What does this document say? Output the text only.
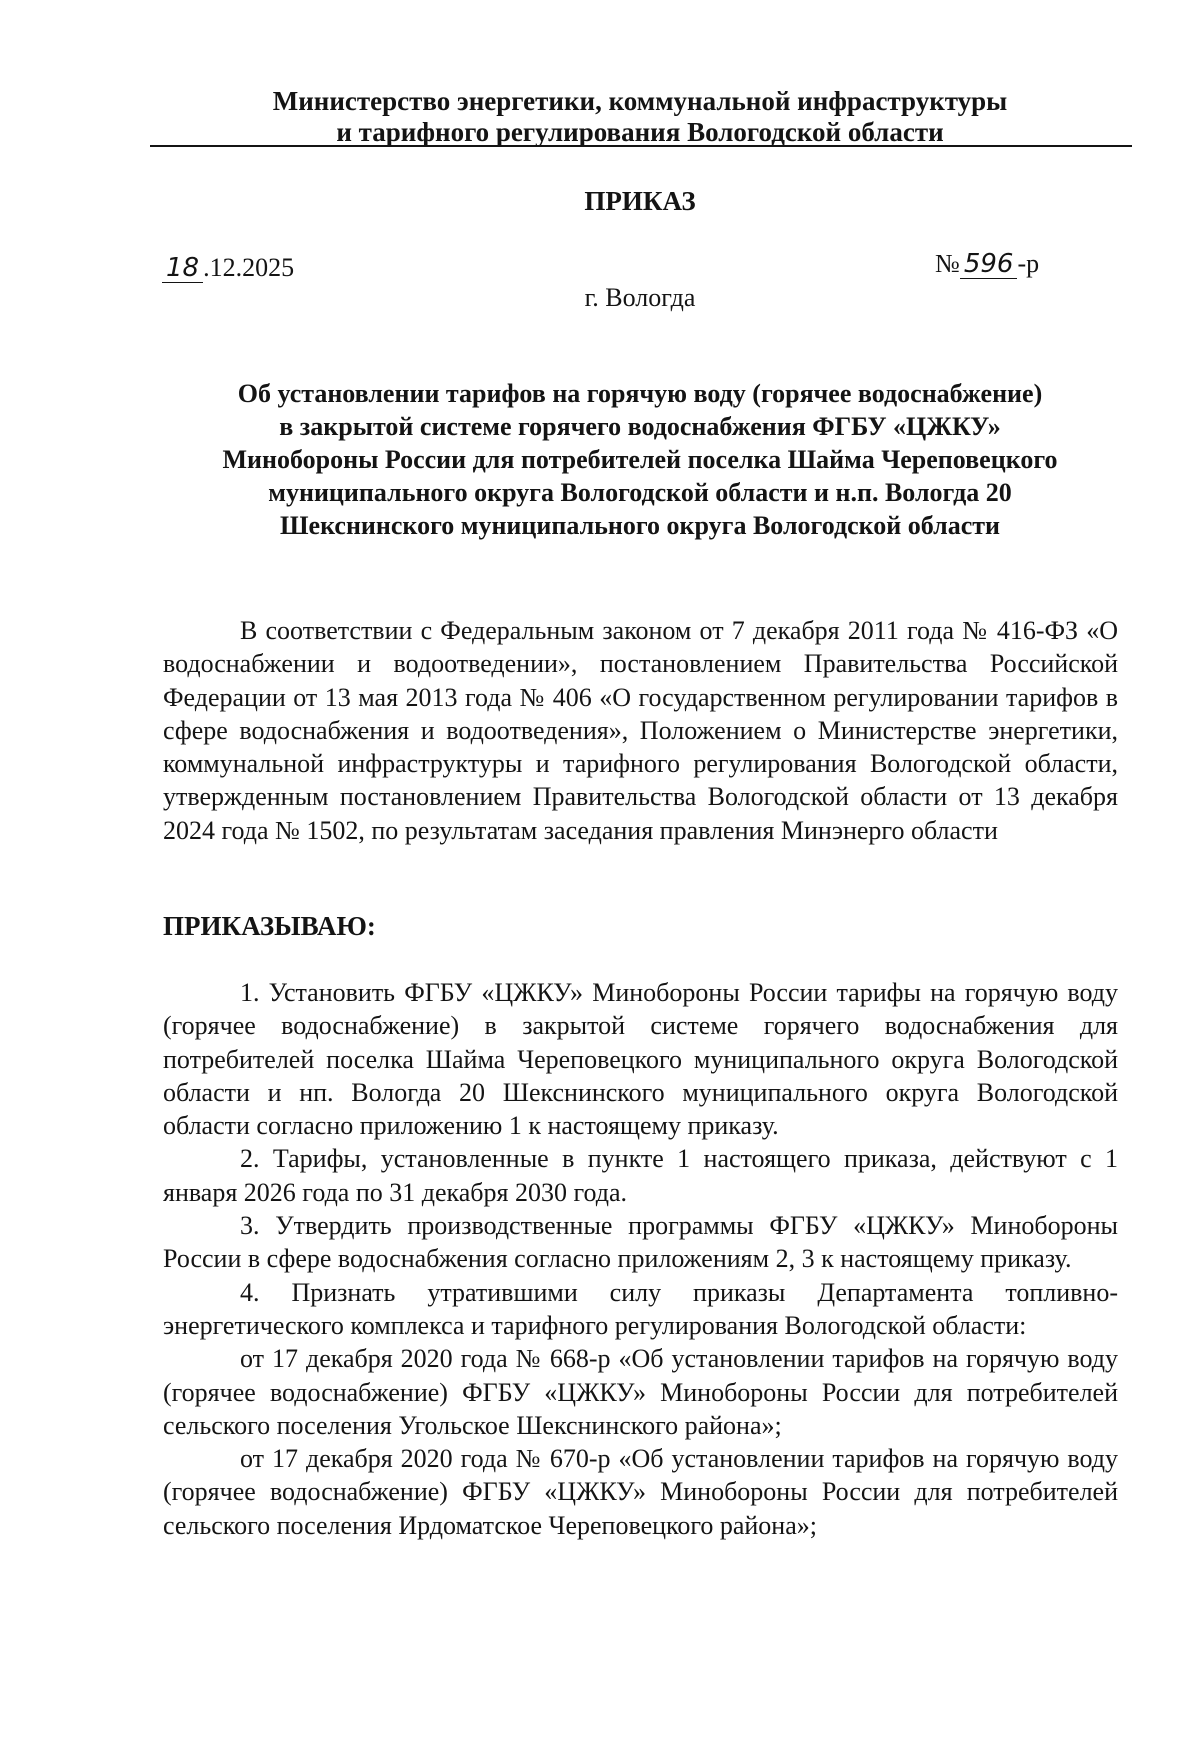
Министерство энергетики, коммунальной инфраструктуры
и тарифного регулирования Вологодской области
ПРИКАЗ
18 .12.2025	№ 596 -р
г. Вологда
Об установлении тарифов на горячую воду (горячее водоснабжение)
в закрытой системе горячего водоснабжения ФГБУ «ЦЖКУ»
Минобороны России для потребителей поселка Шайма Череповецкого
муниципального округа Вологодской области и н.п. Вологда 20
Шекснинского муниципального округа Вологодской области

В соответствии с Федеральным законом от 7 декабря 2011 года № 416-ФЗ «О водоснабжении и водоотведении», постановлением Правительства Российской Федерации от 13 мая 2013 года № 406 «О государственном регулировании тарифов в сфере водоснабжения и водоотведения», Положением о Министерстве энергетики, коммунальной инфраструктуры и тарифного регулирования Вологодской области, утвержденным постановлением Правительства Вологодской области от 13 декабря 2024 года № 1502, по результатам заседания правления Минэнерго области

ПРИКАЗЫВАЮ:

1. Установить ФГБУ «ЦЖКУ» Минобороны России тарифы на горячую воду (горячее водоснабжение) в закрытой системе горячего водоснабжения для потребителей поселка Шайма Череповецкого муниципального округа Вологодской области и нп. Вологда 20 Шекснинского муниципального округа Вологодской области согласно приложению 1 к настоящему приказу.

2. Тарифы, установленные в пункте 1 настоящего приказа, действуют с 1 января 2026 года по 31 декабря 2030 года.

3. Утвердить производственные программы ФГБУ «ЦЖКУ» Минобороны России в сфере водоснабжения согласно приложениям 2, 3 к настоящему приказу.

4. Признать утратившими силу приказы Департамента топливно-энергетического комплекса и тарифного регулирования Вологодской области:

от 17 декабря 2020 года № 668-р «Об установлении тарифов на горячую воду (горячее водоснабжение) ФГБУ «ЦЖКУ» Минобороны России для потребителей сельского поселения Угольское Шекснинского района»;

от 17 декабря 2020 года № 670-р «Об установлении тарифов на горячую воду (горячее водоснабжение) ФГБУ «ЦЖКУ» Минобороны России для потребителей сельского поселения Ирдоматское Череповецкого района»;
